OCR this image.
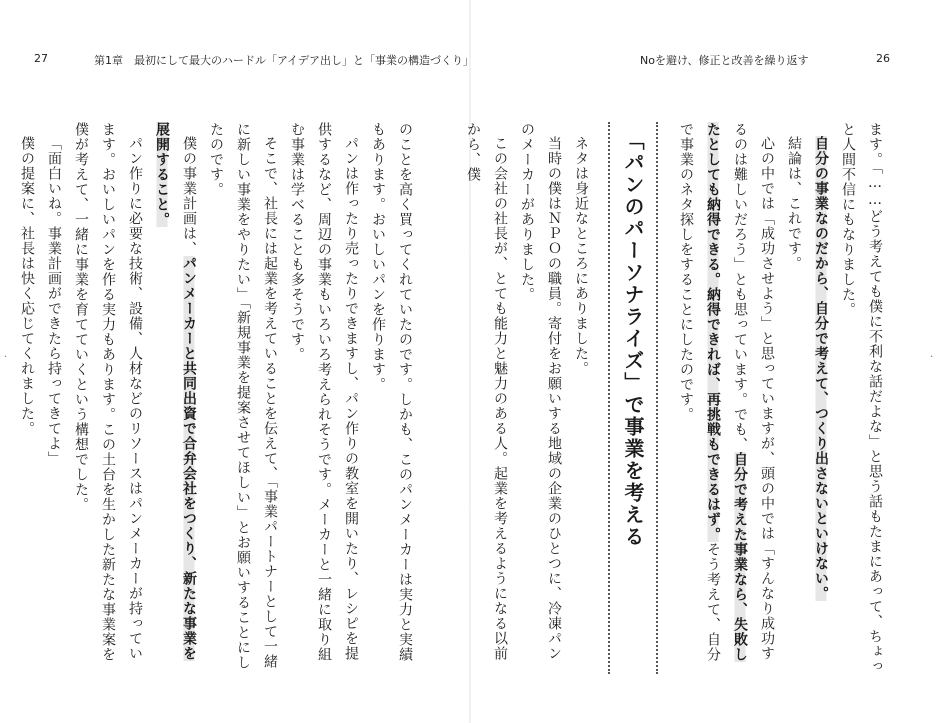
27	第1章　最初にして最大のハードル「アイデア出し」と「事業の構造づくり」	Noを避け、修正と改善を繰り返す	26

ます。「……どう考えても僕に不利な話だよな」と思う話もたまにあって、ちょっと人間不信にもなりました。

自分の事業なのだから、自分で考えて、つくり出さないといけない。

結論は、これです。

心の中では「成功させよう」と思っていますが、頭の中では「すんなり成功するのは難しいだろう」とも思っています。でも、自分で考えた事業なら、失敗したとしても納得できる。納得できれば、再挑戦もできるはず。そう考えて、自分で事業のネタ探しをすることにしたのです。

「パンのパーソナライズ」で事業を考える

ネタは身近なところにありました。

当時の僕はＮＰＯの職員。寄付をお願いする地域の企業のひとつに、冷凍パンのメーカーがありました。

この会社の社長が、とても能力と魅力のある人。起業を考えるようになる以前から、僕

のことを高く買ってくれていたのです。しかも、このパンメーカーは実力と実績もあります。おいしいパンを作ります。

パンは作ったり売ったりできますし、パン作りの教室を開いたり、レシピを提供するなど、周辺の事業もいろいろ考えられそうです。メーカーと一緒に取り組む事業は学べることも多そうです。

そこで、社長には起業を考えていることを伝えて、「事業パートナーとして一緒に新しい事業をやりたい」「新規事業を提案させてほしい」とお願いすることにしたのです。

僕の事業計画は、パンメーカーと共同出資で合弁会社をつくり、新たな事業を展開すること。

パン作りに必要な技術、設備、人材などのリソースはパンメーカーが持っています。おいしいパンを作る実力もあります。この土台を生かした新たな事業案を僕が考えて、一緒に事業を育てていくという構想でした。

「面白いね。事業計画ができたら持ってきてよ」

僕の提案に、社長は快く応じてくれました。

·	·
